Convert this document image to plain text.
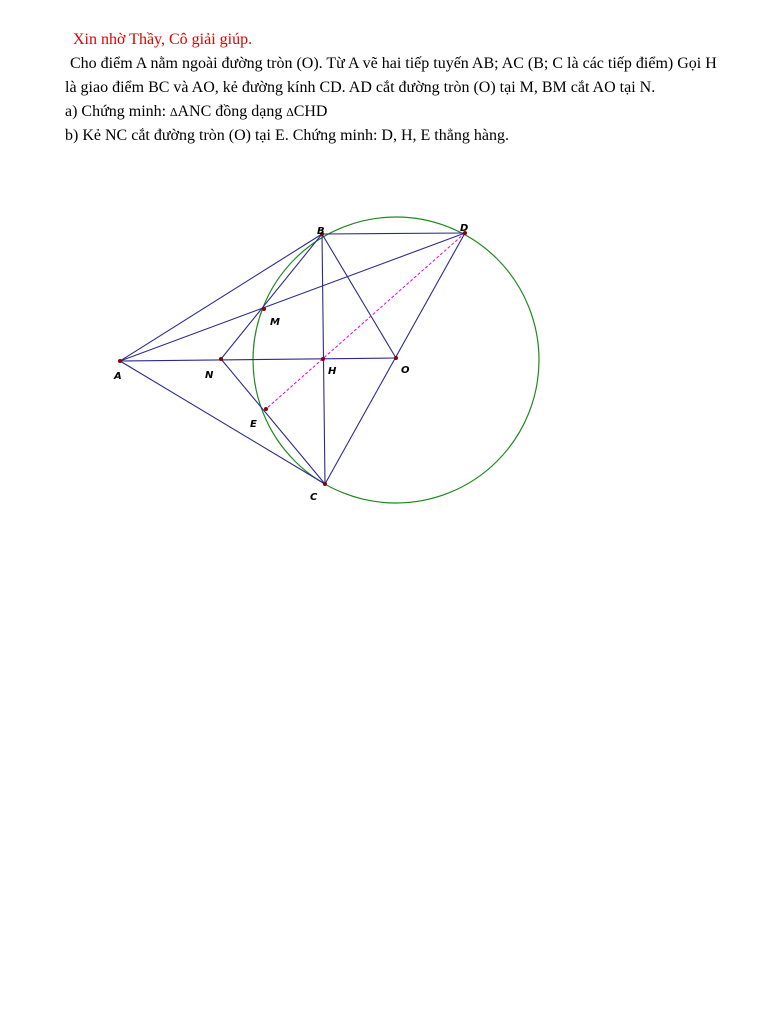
Xin nhờ Thầy, Cô giải giúp.

Cho điểm A nằm ngoài đường tròn (O). Từ A vẽ hai tiếp tuyến AB; AC (B; C là các tiếp điểm) Gọi H là giao điểm BC và AO, kẻ đường kính CD. AD cắt đường tròn (O) tại M, BM cắt AO tại N.

a) Chứng minh: ∆ANC đồng dạng ∆CHD

b) Kẻ NC cắt đường tròn (O) tại E. Chứng minh: D, H, E thẳng hàng.

A
B
C
D
O
H
N
M
E
